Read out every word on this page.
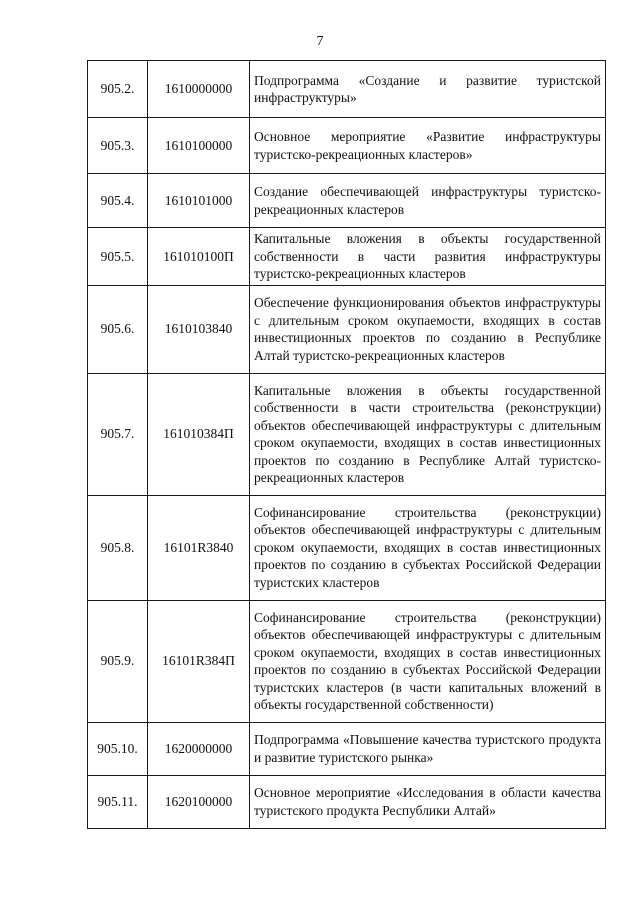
7
905.2.	1610000000	Подпрограмма «Создание и развитие туристской инфраструктуры»
905.3.	1610100000	Основное мероприятие «Развитие инфраструктуры туристско-рекреационных кластеров»
905.4.	1610101000	Создание обеспечивающей инфраструктуры туристско-рекреационных кластеров
905.5.	161010100П	Капитальные вложения в объекты государственной собственности в части развития инфраструктуры туристско-рекреационных кластеров
905.6.	1610103840	Обеспечение функционирования объектов инфраструктуры с длительным сроком окупаемости, входящих в состав инвестиционных проектов по созданию в Республике Алтай туристско-рекреационных кластеров
905.7.	161010384П	Капитальные вложения в объекты государственной собственности в части строительства (реконструкции) объектов обеспечивающей инфраструктуры с длительным сроком окупаемости, входящих в состав инвестиционных проектов по созданию в Республике Алтай туристско-рекреационных кластеров
905.8.	16101R3840	Софинансирование строительства (реконструкции) объектов обеспечивающей инфраструктуры с длительным сроком окупаемости, входящих в состав инвестиционных проектов по созданию в субъектах Российской Федерации туристских кластеров
905.9.	16101R384П	Софинансирование строительства (реконструкции) объектов обеспечивающей инфраструктуры с длительным сроком окупаемости, входящих в состав инвестиционных проектов по созданию в субъектах Российской Федерации туристских кластеров (в части капитальных вложений в объекты государственной собственности)
905.10.	1620000000	Подпрограмма «Повышение качества туристского продукта и развитие туристского рынка»
905.11.	1620100000	Основное мероприятие «Исследования в области качества туристского продукта Республики Алтай»
